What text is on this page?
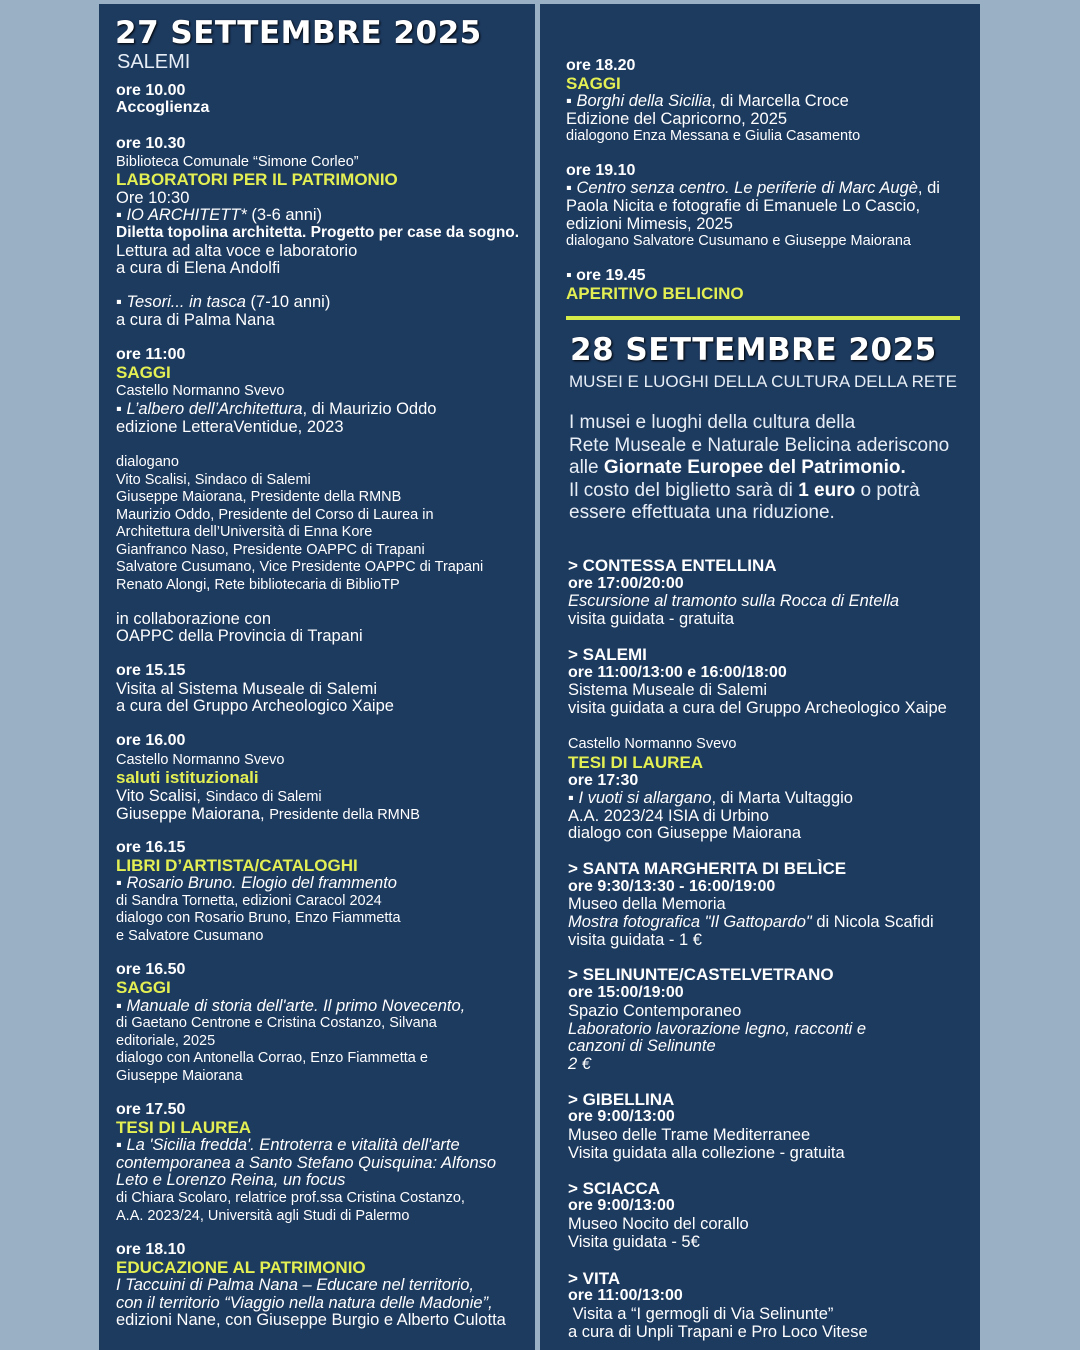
27 SETTEMBRE 2025
SALEMI
ore 10.00
Accoglienza
ore 10.30
Biblioteca Comunale “Simone Corleo”
LABORATORI PER IL PATRIMONIO
Ore 10:30
▪ IO ARCHITETT* (3-6 anni)
Diletta topolina architetta. Progetto per case da sogno.
Lettura ad alta voce e laboratorio
a cura di Elena Andolfi
▪ Tesori... in tasca (7-10 anni)
a cura di Palma Nana
ore 11:00
SAGGI
Castello Normanno Svevo
▪ L’albero dell’Architettura, di Maurizio Oddo
edizione LetteraVentidue, 2023
dialogano
Vito Scalisi, Sindaco di Salemi
Giuseppe Maiorana, Presidente della RMNB
Maurizio Oddo, Presidente del Corso di Laurea in
Architettura dell’Università di Enna Kore
Gianfranco Naso, Presidente OAPPC di Trapani
Salvatore Cusumano, Vice Presidente OAPPC di Trapani
Renato Alongi, Rete bibliotecaria di BiblioTP
in collaborazione con
OAPPC della Provincia di Trapani
ore 15.15
Visita al Sistema Museale di Salemi
a cura del Gruppo Archeologico Xaipe
ore 16.00
Castello Normanno Svevo
saluti istituzionali
Vito Scalisi, Sindaco di Salemi
Giuseppe Maiorana, Presidente della RMNB
ore 16.15
LIBRI D’ARTISTA/CATALOGHI
▪ Rosario Bruno. Elogio del frammento
di Sandra Tornetta, edizioni Caracol 2024
dialogo con Rosario Bruno, Enzo Fiammetta
e Salvatore Cusumano
ore 16.50
SAGGI
▪ Manuale di storia dell'arte. Il primo Novecento,
di Gaetano Centrone e Cristina Costanzo, Silvana
editoriale, 2025
dialogo con Antonella Corrao, Enzo Fiammetta e
Giuseppe Maiorana
ore 17.50
TESI DI LAUREA
▪ La 'Sicilia fredda'. Entroterra e vitalità dell'arte
contemporanea a Santo Stefano Quisquina: Alfonso
Leto e Lorenzo Reina, un focus
di Chiara Scolaro, relatrice prof.ssa Cristina Costanzo,
A.A. 2023/24, Università agli Studi di Palermo
ore 18.10
EDUCAZIONE AL PATRIMONIO
I Taccuini di Palma Nana – Educare nel territorio,
con il territorio “Viaggio nella natura delle Madonie”,
edizioni Nane, con Giuseppe Burgio e Alberto Culotta
ore 18.20
SAGGI
▪ Borghi della Sicilia, di Marcella Croce
Edizione del Capricorno, 2025
dialogono Enza Messana e Giulia Casamento
ore 19.10
▪ Centro senza centro. Le periferie di Marc Augè, di
Paola Nicita e fotografie di Emanuele Lo Cascio,
edizioni Mimesis, 2025
dialogano Salvatore Cusumano e Giuseppe Maiorana
▪ ore 19.45
APERITIVO BELICINO
28 SETTEMBRE 2025
MUSEI E LUOGHI DELLA CULTURA DELLA RETE
I musei e luoghi della cultura della
Rete Museale e Naturale Belicina aderiscono
alle Giornate Europee del Patrimonio.
Il costo del biglietto sarà di 1 euro o potrà
essere effettuata una riduzione.
> CONTESSA ENTELLINA
ore 17:00/20:00
Escursione al tramonto sulla Rocca di Entella
visita guidata - gratuita
> SALEMI
ore 11:00/13:00 e 16:00/18:00
Sistema Museale di Salemi
visita guidata a cura del Gruppo Archeologico Xaipe
Castello Normanno Svevo
TESI DI LAUREA
ore 17:30
▪ I vuoti si allargano, di Marta Vultaggio
A.A. 2023/24 ISIA di Urbino
dialogo con Giuseppe Maiorana
> SANTA MARGHERITA DI BELÌCE
ore 9:30/13:30 - 16:00/19:00
Museo della Memoria
Mostra fotografica "Il Gattopardo" di Nicola Scafidi
visita guidata - 1 €
> SELINUNTE/CASTELVETRANO
ore 15:00/19:00
Spazio Contemporaneo
Laboratorio lavorazione legno, racconti e
canzoni di Selinunte
2 €
> GIBELLINA
ore 9:00/13:00
Museo delle Trame Mediterranee
Visita guidata alla collezione - gratuita
> SCIACCA
ore 9:00/13:00
Museo Nocito del corallo
Visita guidata - 5€
> VITA
ore 11:00/13:00
Visita a “I germogli di Via Selinunte”
a cura di Unpli Trapani e Pro Loco Vitese
